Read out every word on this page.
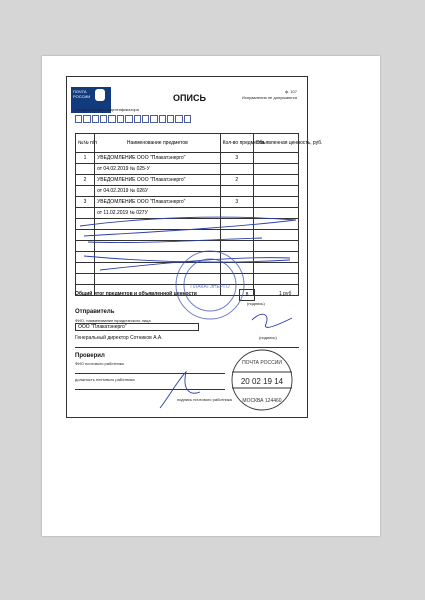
ПОЧТА РОССИИ	ОПИСЬ
ф. 107
Исправления не допускаются
Номер почтового идентификатора
№№ п/п	Наименование предметов	Кол-во предметов	Объявленная ценность, руб.
1	УВЕДОМЛЕНИЕ ООО "Плакатэнерго"	3	
	от 04.02.2019 № 025-У		
2	УВЕДОМЛЕНИЕ ООО "Плакатэнерго"	2	
	от 04.02.2019 № 026У		
3	УВЕДОМЛЕНИЕ ООО "Плакатэнерго"	3	
	от 11.02.2019 № 027У		

Общий итог предметов и объявленной ценности	8	1 руб
(подпись)
Отправитель
ФИО, наименование юридического лица
ООО "Плакатэнерго"
Генеральный директор Сотников А.А.	(подпись)
Проверил
ФИО почтового работника
должность почтового работника
подпись почтового работника
ПЛАКАТЭНЕРГО
ПОЧТА РОССИИ
20 02 19 14
МОСКВА 124460
